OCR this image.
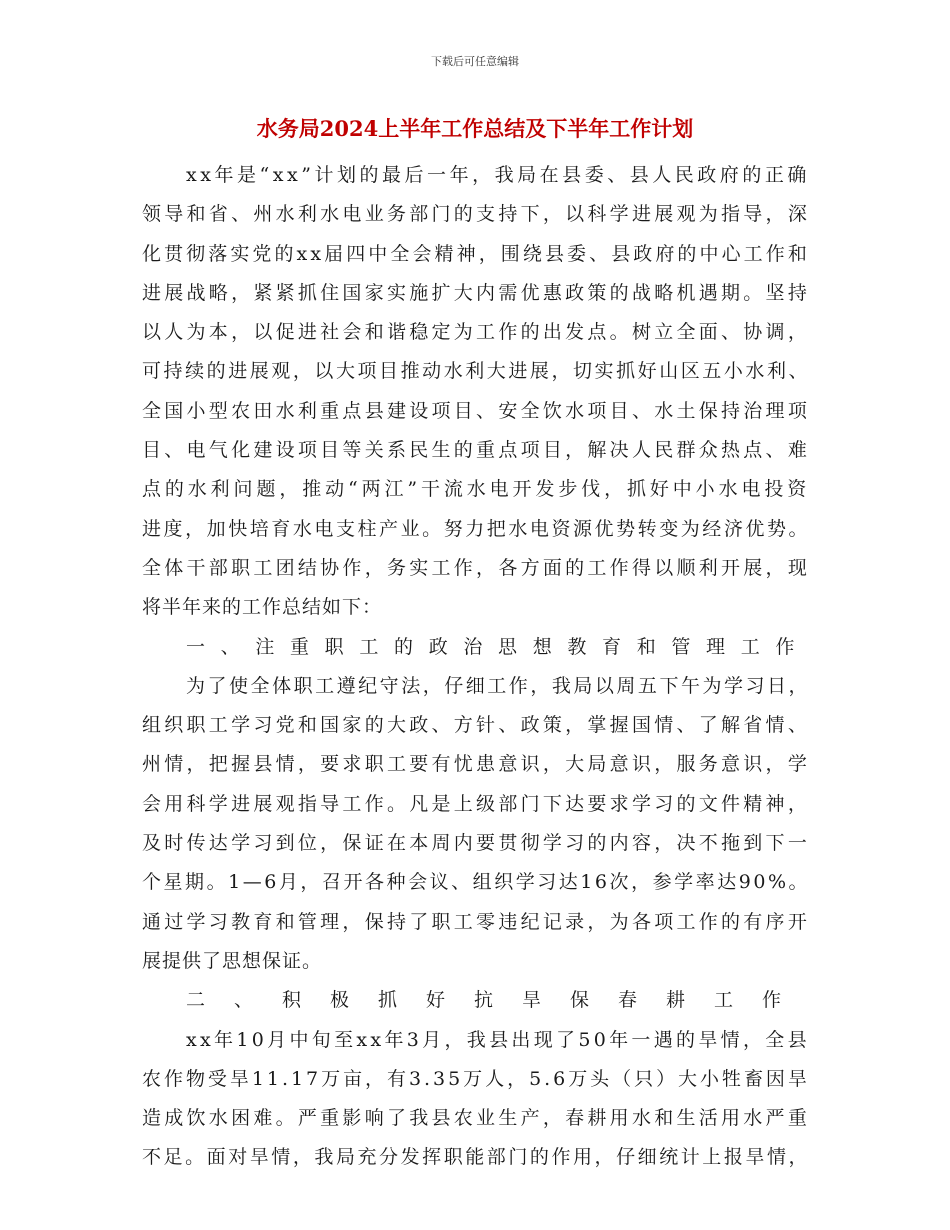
下载后可任意编辑
水务局2024上半年工作总结及下半年工作计划
xx年是“xx”计划的最后一年，我局在县委、县人民政府的正确
领导和省、州水利水电业务部门的支持下，以科学进展观为指导，深
化贯彻落实党的xx届四中全会精神，围绕县委、县政府的中心工作和
进展战略，紧紧抓住国家实施扩大内需优惠政策的战略机遇期。坚持
以人为本，以促进社会和谐稳定为工作的出发点。树立全面、协调，
可持续的进展观，以大项目推动水利大进展，切实抓好山区五小水利、
全国小型农田水利重点县建设项目、安全饮水项目、水土保持治理项
目、电气化建设项目等关系民生的重点项目，解决人民群众热点、难
点的水利问题，推动“两江”干流水电开发步伐，抓好中小水电投资
进度，加快培育水电支柱产业。努力把水电资源优势转变为经济优势。
全体干部职工团结协作，务实工作，各方面的工作得以顺利开展，现
将半年来的工作总结如下：
一、注重职工的政治思想教育和管理工作
为了使全体职工遵纪守法，仔细工作，我局以周五下午为学习日，
组织职工学习党和国家的大政、方针、政策，掌握国情、了解省情、
州情，把握县情，要求职工要有忧患意识，大局意识，服务意识，学
会用科学进展观指导工作。凡是上级部门下达要求学习的文件精神，
及时传达学习到位，保证在本周内要贯彻学习的内容，决不拖到下一
个星期。1—6月，召开各种会议、组织学习达16次，参学率达90%。
通过学习教育和管理，保持了职工零违纪记录，为各项工作的有序开
展提供了思想保证。
二、积极抓好抗旱保春耕工作
xx年10月中旬至xx年3月，我县出现了50年一遇的旱情，全县
农作物受旱11.17万亩，有3.35万人，5.6万头（只）大小牲畜因旱
造成饮水困难。严重影响了我县农业生产，春耕用水和生活用水严重
不足。面对旱情，我局充分发挥职能部门的作用，仔细统计上报旱情，
